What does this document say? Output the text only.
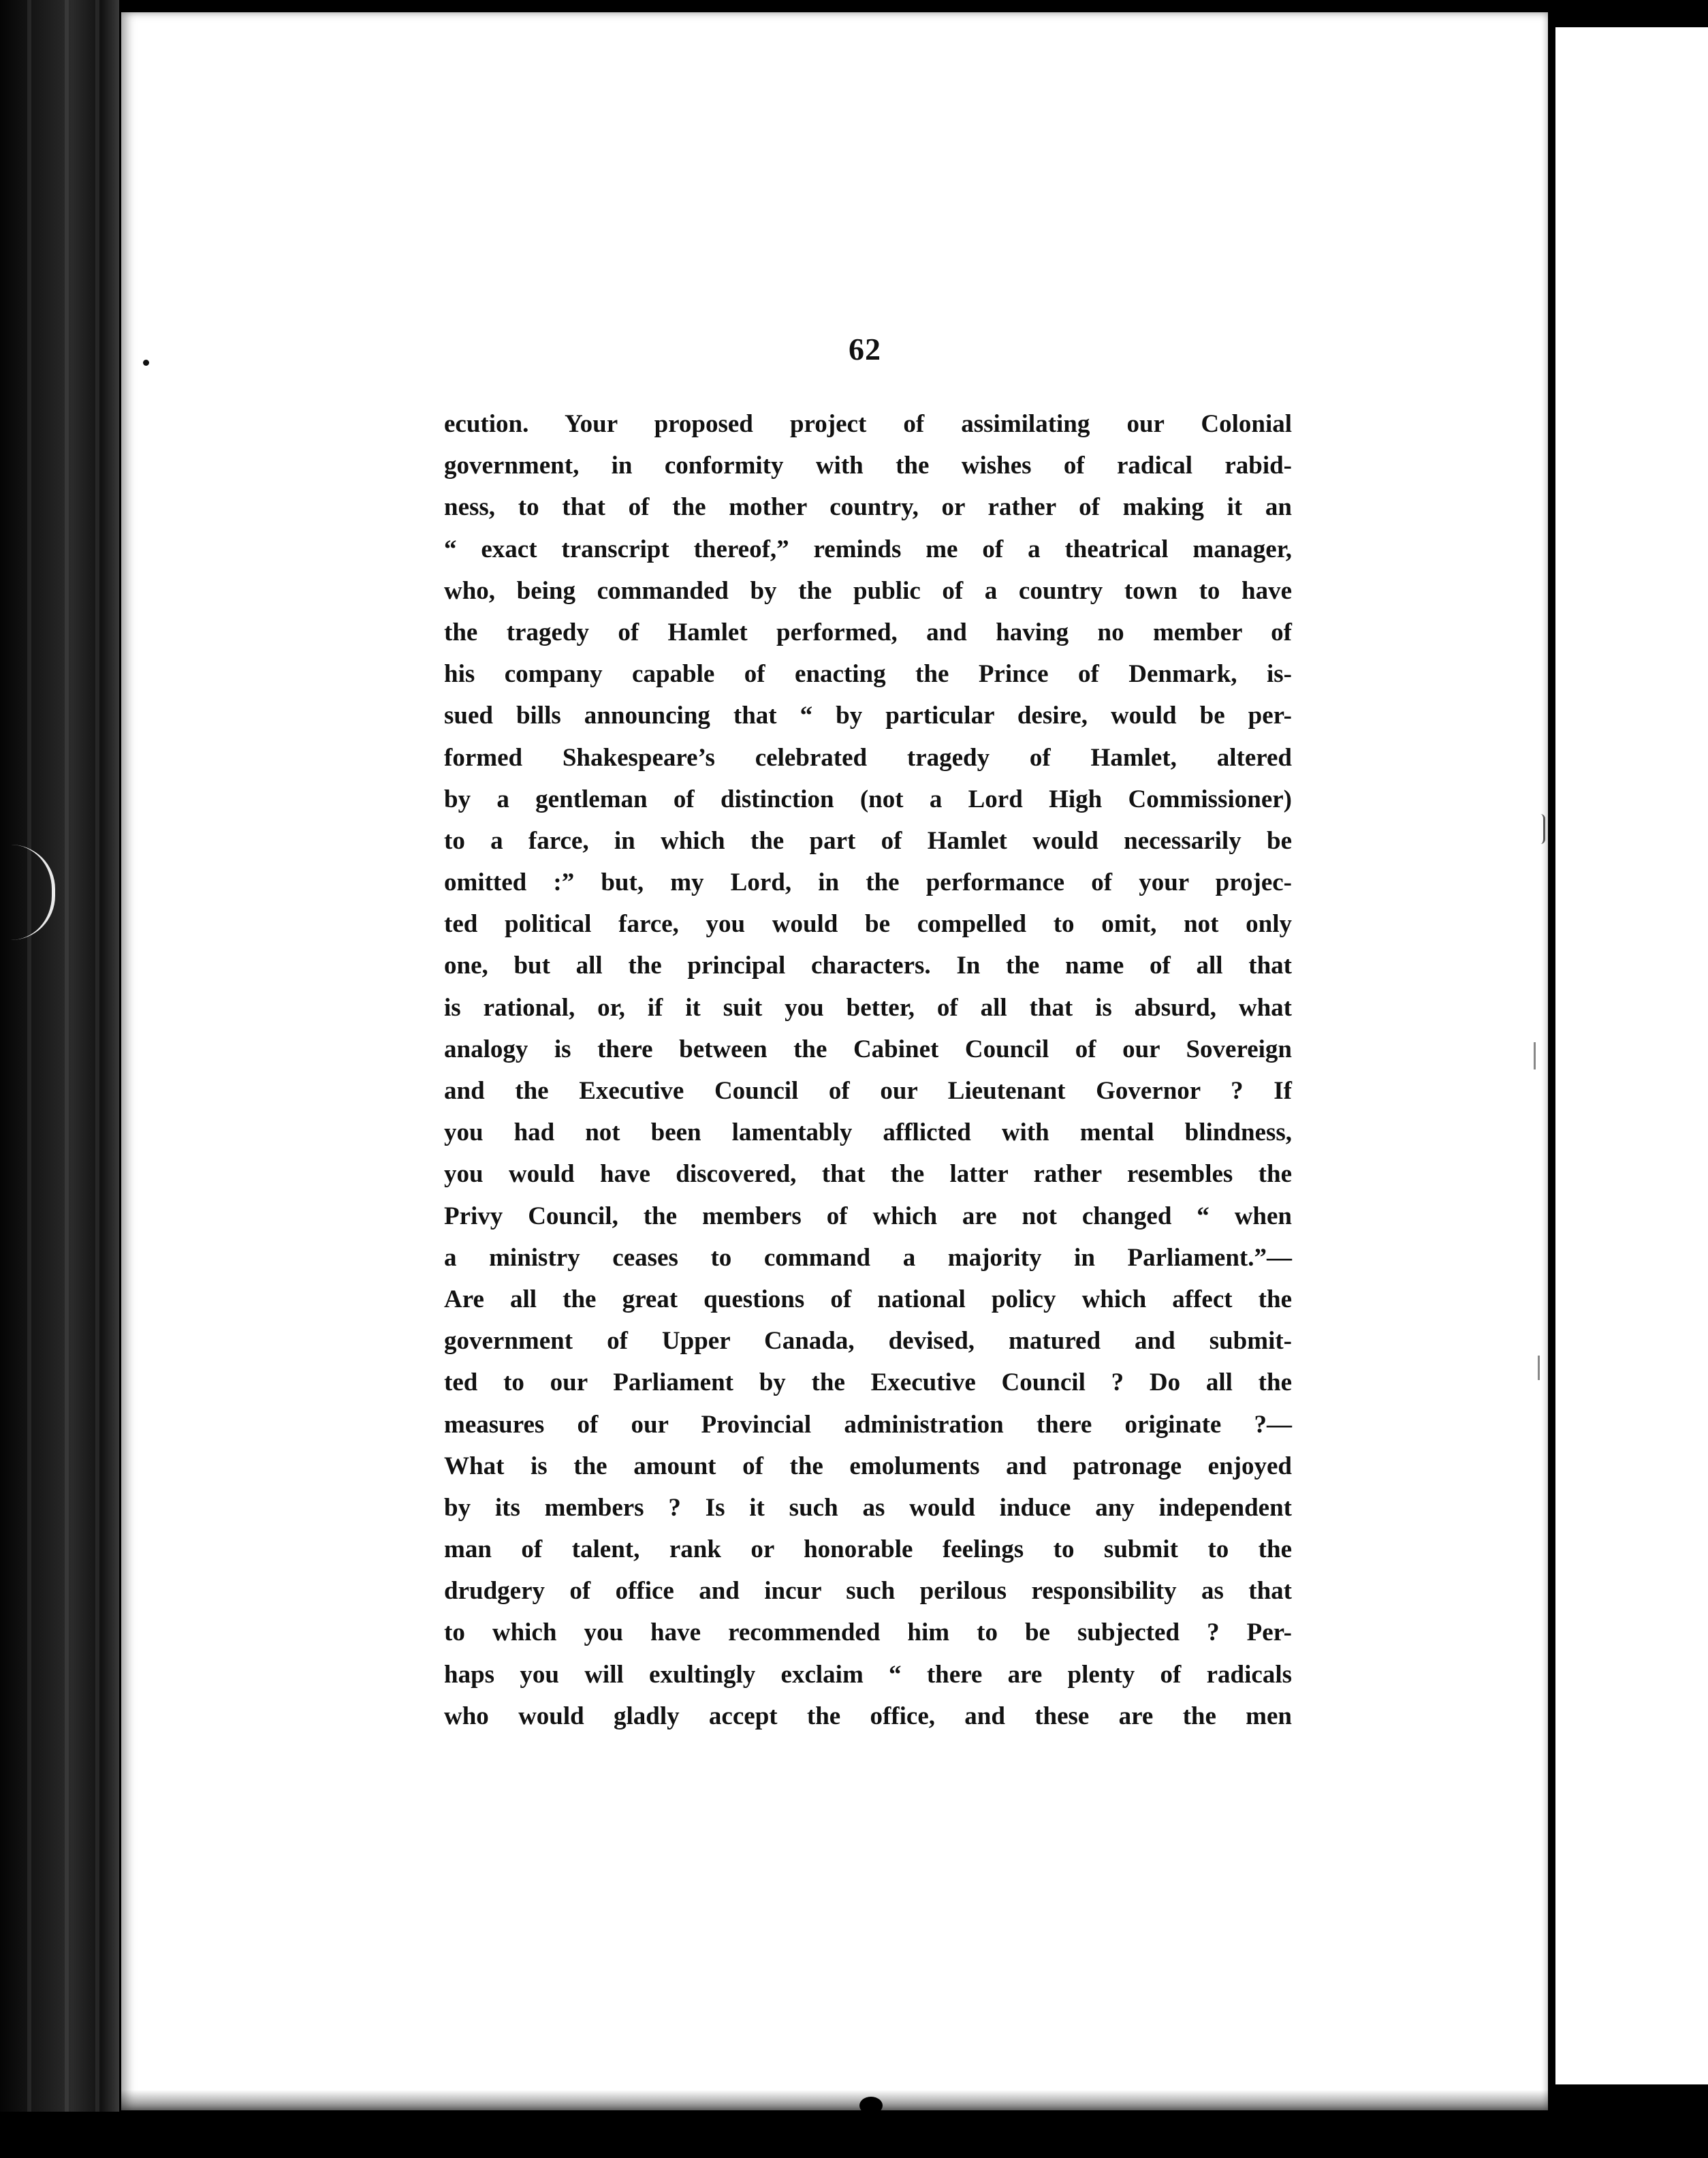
62
ecution. Your proposed project of assimilating our Colonial
government, in conformity with the wishes of radical rabid-
ness, to that of the mother country, or rather of making it an
“ exact transcript thereof,” reminds me of a theatrical manager,
who, being commanded by the public of a country town to have
the tragedy of Hamlet performed, and having no member of
his company capable of enacting the Prince of Denmark, is-
sued bills announcing that “ by particular desire, would be per-
formed Shakespeare’s celebrated tragedy of Hamlet, altered
by a gentleman of distinction (not a Lord High Commissioner)
to a farce, in which the part of Hamlet would necessarily be
omitted :” but, my Lord, in the performance of your projec-
ted political farce, you would be compelled to omit, not only
one, but all the principal characters. In the name of all that
is rational, or, if it suit you better, of all that is absurd, what
analogy is there between the Cabinet Council of our Sovereign
and the Executive Council of our Lieutenant Governor ? If
you had not been lamentably afflicted with mental blindness,
you would have discovered, that the latter rather resembles the
Privy Council, the members of which are not changed “ when
a ministry ceases to command a majority in Parliament.”—
Are all the great questions of national policy which affect the
government of Upper Canada, devised, matured and submit-
ted to our Parliament by the Executive Council ? Do all the
measures of our Provincial administration there originate ?—
What is the amount of the emoluments and patronage enjoyed
by its members ? Is it such as would induce any independent
man of talent, rank or honorable feelings to submit to the
drudgery of office and incur such perilous responsibility as that
to which you have recommended him to be subjected ? Per-
haps you will exultingly exclaim “ there are plenty of radicals
who would gladly accept the office, and these are the men
